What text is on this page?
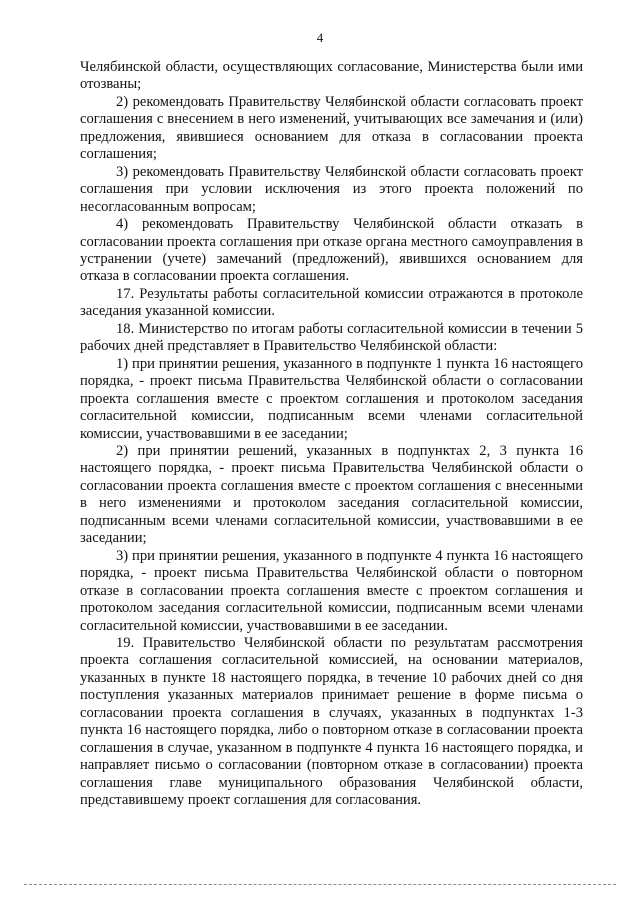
4

Челябинской области, осуществляющих согласование, Министерства были ими отозваны;

2) рекомендовать Правительству Челябинской области согласовать проект соглашения с внесением в него изменений, учитывающих все замечания и (или) предложения, явившиеся основанием для отказа в согласовании проекта соглашения;

3) рекомендовать Правительству Челябинской области согласовать проект соглашения при условии исключения из этого проекта положений по несогласованным вопросам;

4) рекомендовать Правительству Челябинской области отказать в согласовании проекта соглашения при отказе органа местного самоуправления в устранении (учете) замечаний (предложений), явившихся основанием для отказа в согласовании проекта соглашения.

17. Результаты работы согласительной комиссии отражаются в протоколе заседания указанной комиссии.

18. Министерство по итогам работы согласительной комиссии в течении 5 рабочих дней представляет в Правительство Челябинской области:

1) при принятии решения, указанного в подпункте 1 пункта 16 настоящего порядка, - проект письма Правительства Челябинской области о согласовании проекта соглашения вместе с проектом соглашения и протоколом заседания согласительной комиссии, подписанным всеми членами согласительной комиссии, участвовавшими в ее заседании;

2) при принятии решений, указанных в подпунктах 2, 3 пункта 16 настоящего порядка, - проект письма Правительства Челябинской области о согласовании проекта соглашения вместе с проектом соглашения с внесенными в него изменениями и протоколом заседания согласительной комиссии, подписанным всеми членами согласительной комиссии, участвовавшими в ее заседании;

3) при принятии решения, указанного в подпункте 4 пункта 16 настоящего порядка, - проект письма Правительства Челябинской области о повторном отказе в согласовании проекта соглашения вместе с проектом соглашения и протоколом заседания согласительной комиссии, подписанным всеми членами согласительной комиссии, участвовавшими в ее заседании.

19. Правительство Челябинской области по результатам рассмотрения проекта соглашения согласительной комиссией, на основании материалов, указанных в пункте 18 настоящего порядка, в течение 10 рабочих дней со дня поступления указанных материалов принимает решение в форме письма о согласовании проекта соглашения в случаях, указанных в подпунктах 1-3 пункта 16 настоящего порядка, либо о повторном отказе в согласовании проекта соглашения в случае, указанном в подпункте 4 пункта 16 настоящего порядка, и направляет письмо о согласовании (повторном отказе в согласовании) проекта соглашения главе муниципального образования Челябинской области, представившему проект соглашения для согласования.
